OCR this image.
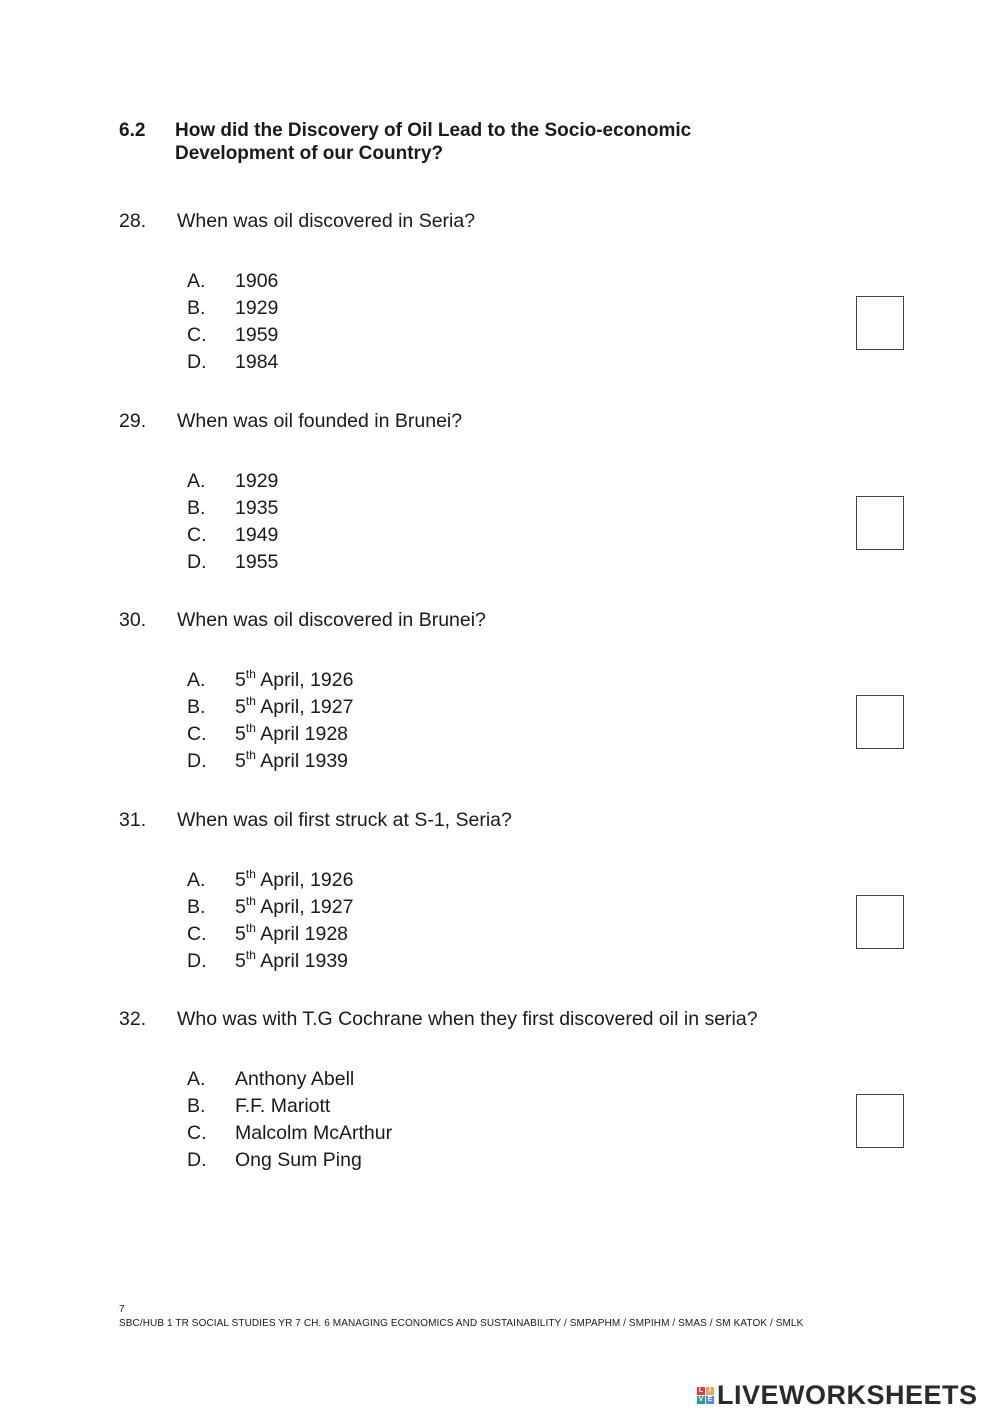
6.2 How did the Discovery of Oil Lead to the Socio-economic
Development of our Country?
28. When was oil discovered in Seria?
A. 1906
B. 1929
C. 1959
D. 1984
29. When was oil founded in Brunei?
A. 1929
B. 1935
C. 1949
D. 1955
30. When was oil discovered in Brunei?
A. 5th April, 1926
B. 5th April, 1927
C. 5th April 1928
D. 5th April 1939
31. When was oil first struck at S-1, Seria?
A. 5th April, 1926
B. 5th April, 1927
C. 5th April 1928
D. 5th April 1939
32. Who was with T.G Cochrane when they first discovered oil in seria?
A. Anthony Abell
B. F.F. Mariott
C. Malcolm McArthur
D. Ong Sum Ping
7
SBC/HUB 1 TR SOCIAL STUDIES YR 7 CH. 6 MANAGING ECONOMICS AND SUSTAINABILITY / SMPAPHM / SMPIHM / SMAS / SM KATOK / SMLK
L I
V E LIVEWORKSHEETS
